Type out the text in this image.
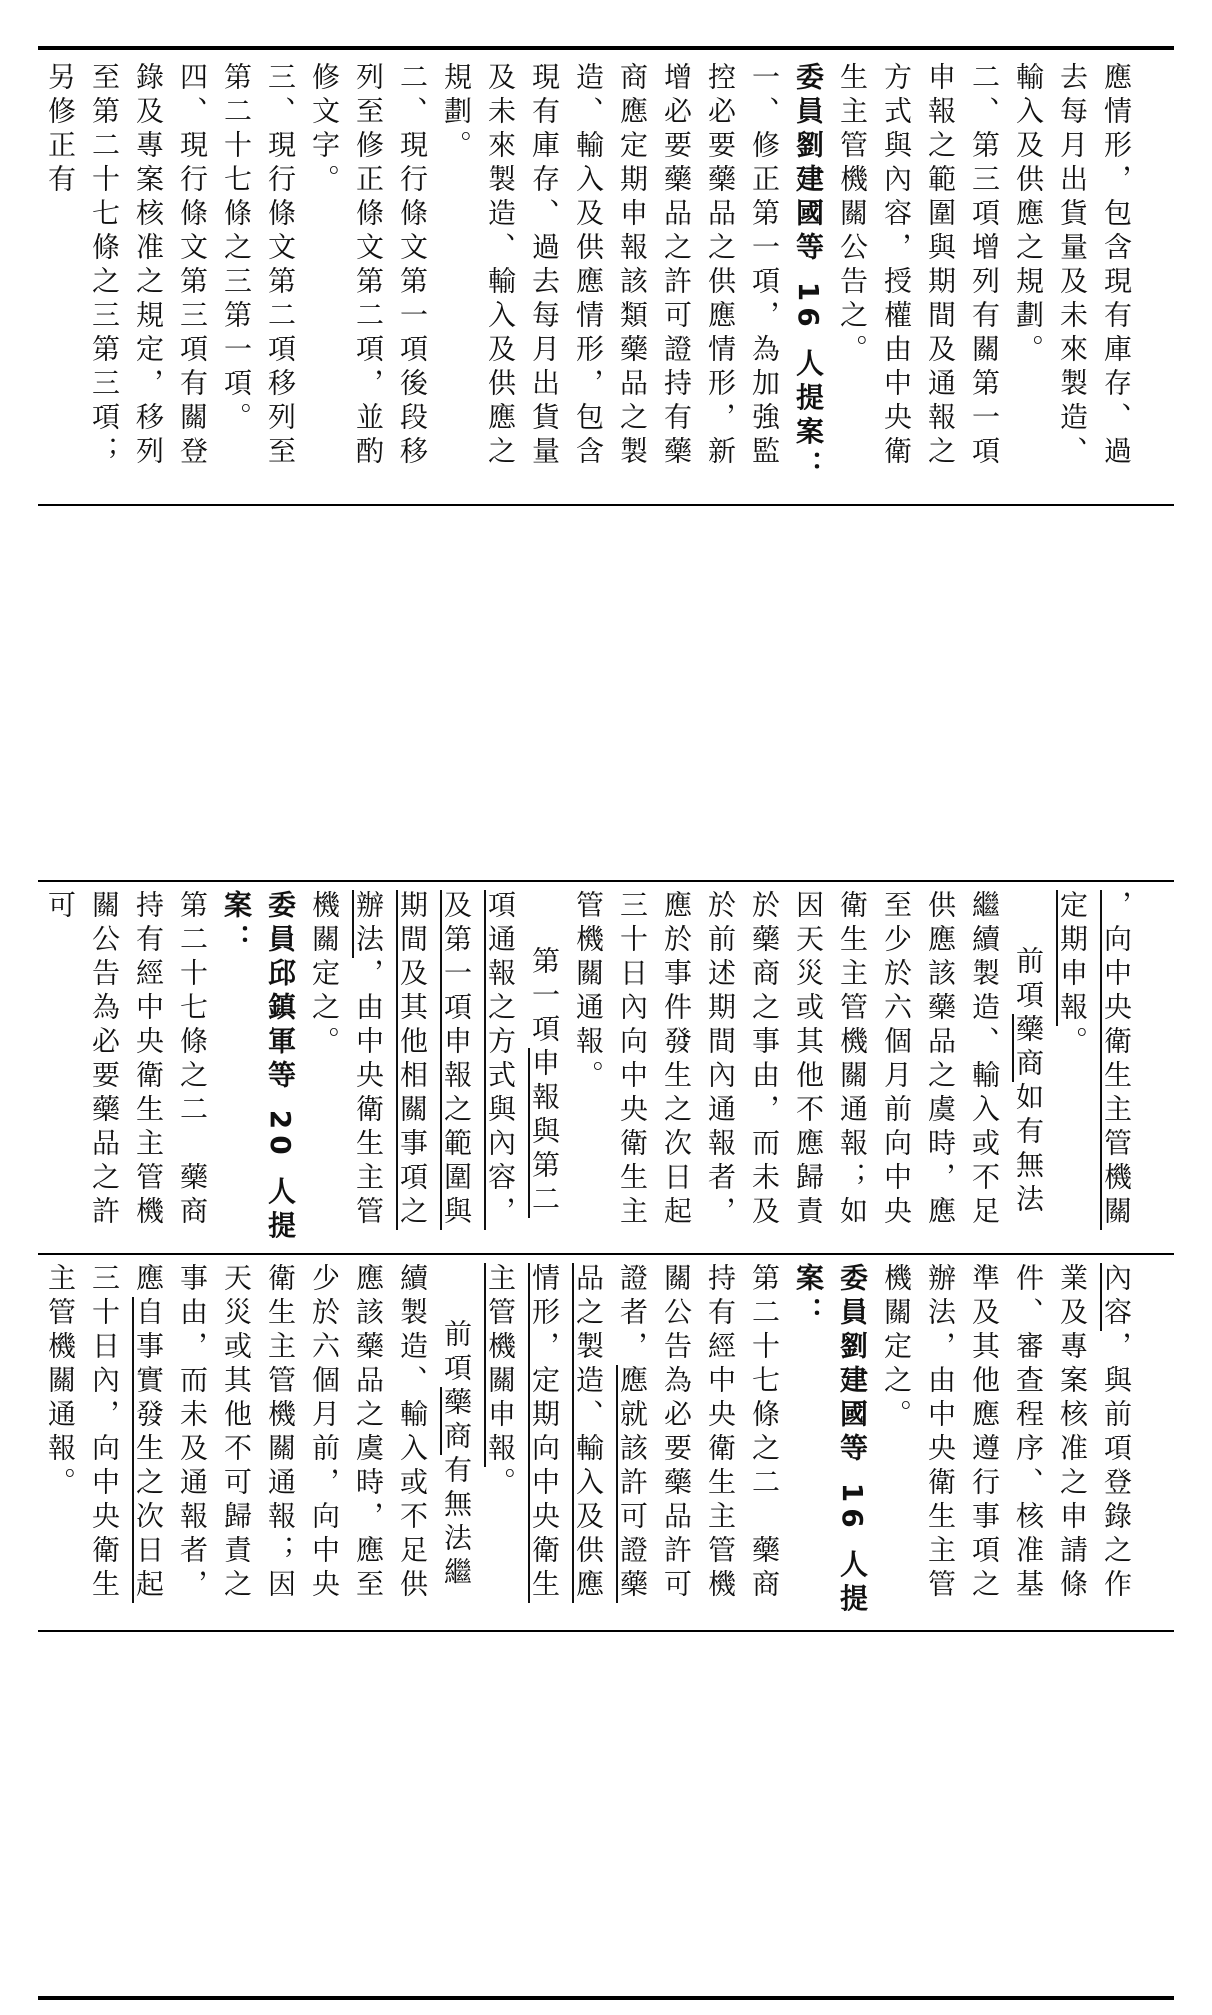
應情形，包含現有庫存、過去每月出貨量及未來製造、輸入及供應之規劃。

二、第三項增列有關第一項申報之範圍與期間及通報之方式與內容，授權由中央衛生主管機關公告之。

委員劉建國等 16 人提案：

一、修正第一項，為加強監控必要藥品之供應情形，新增必要藥品之許可證持有藥商應定期申報該類藥品之製造、輸入及供應情形，包含現有庫存、過去每月出貨量及未來製造、輸入及供應之規劃。

二、現行條文第一項後段移列至修正條文第二項，並酌修文字。

三、現行條文第二項移列至第二十七條之三第一項。

四、現行條文第三項有關登錄及專案核准之規定，移列至第二十七條之三第三項；另修正有

，向中央衛生主管機關

定期申報。

前項藥商如有無法繼續製造、輸入或不足供應該藥品之虞時，應至少於六個月前向中央衛生主管機關通報；如因天災或其他不應歸責於藥商之事由，而未及於前述期間內通報者，應於事件發生之次日起三十日內向中央衛生主管機關通報。

第一項申報與第二項通報之方式與內容，及第一項申報之範圍與期間及其他相關事項之辦法，由中央衛生主管機關定之。

委員邱鎮軍等 20 人提案：

第二十七條之二　藥商持有經中央衛生主管機關公告為必要藥品之許可

內容，與前項登錄之作業及專案核准之申請條件、審查程序、核准基準及其他應遵行事項之辦法，由中央衛生主管機關定之。

委員劉建國等 16 人提案：

第二十七條之二　藥商持有經中央衛生主管機關公告為必要藥品許可證者，應就該許可證藥品之製造、輸入及供應情形，定期向中央衛生主管機關申報。

前項藥商有無法繼續製造、輸入或不足供應該藥品之虞時，應至少於六個月前，向中央衛生主管機關通報；因天災或其他不可歸責之事由，而未及通報者，應自事實發生之次日起三十日內，向中央衛生主管機關通報。
